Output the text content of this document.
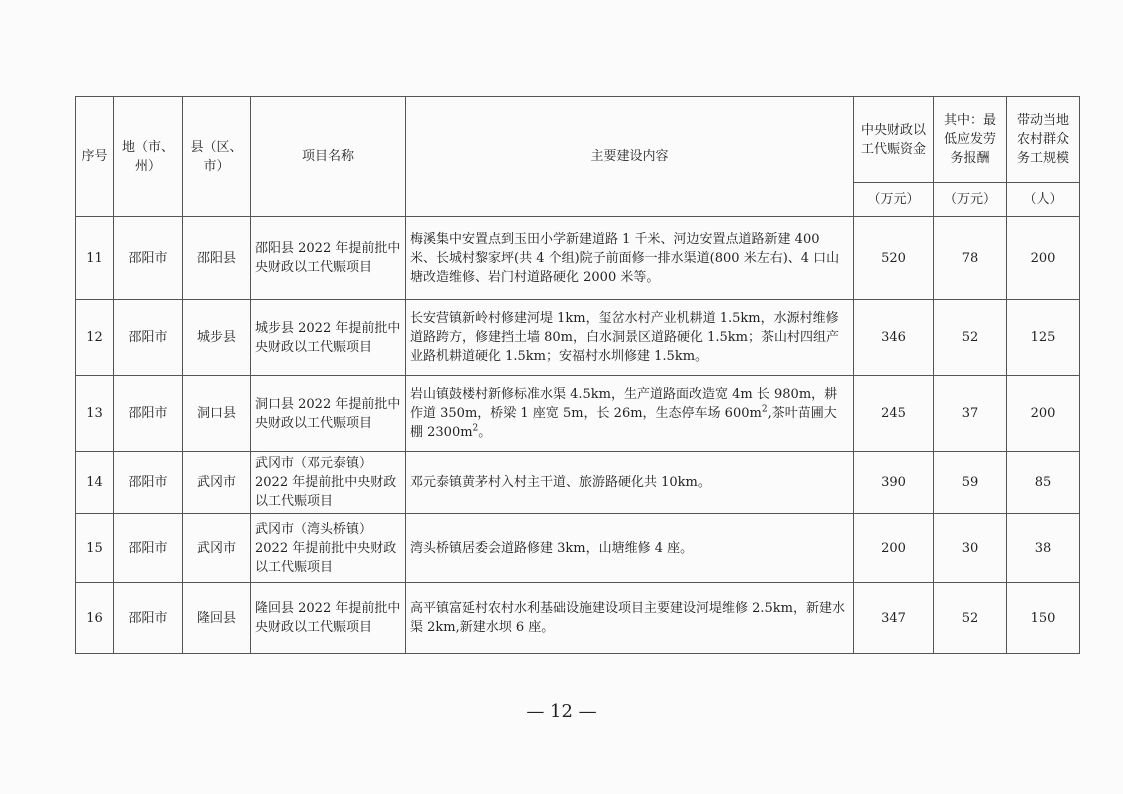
序号	地（市、州）	县（区、市）	项目名称	主要建设内容	中央财政以工代赈资金	其中：最低应发劳务报酬	带动当地农村群众务工规模
					（万元）	（万元）	（人）
11	邵阳市	邵阳县	邵阳县 2022 年提前批中央财政以工代赈项目	梅溪集中安置点到玉田小学新建道路 1 千米、河边安置点道路新建 400 米、长城村黎家坪(共 4 个组)院子前面修一排水渠道(800 米左右)、4 口山塘改造维修、岩门村道路硬化 2000 米等。	520	78	200
12	邵阳市	城步县	城步县 2022 年提前批中央财政以工代赈项目	长安营镇新岭村修建河堤 1km，玺岔水村产业机耕道 1.5km，水源村维修道路跨方，修建挡土墙 80m，白水洞景区道路硬化 1.5km；茶山村四组产业路机耕道硬化 1.5km；安福村水圳修建 1.5km。	346	52	125
13	邵阳市	洞口县	洞口县 2022 年提前批中央财政以工代赈项目	岩山镇鼓楼村新修标准水渠 4.5km，生产道路面改造宽 4m 长 980m，耕作道 350m，桥梁 1 座宽 5m，长 26m，生态停车场 $600m^2$,茶叶苗圃大棚 $2300m^2$。	245	37	200
14	邵阳市	武冈市	武冈市（邓元泰镇）2022 年提前批中央财政以工代赈项目	邓元泰镇黄茅村入村主干道、旅游路硬化共 10km。	390	59	85
15	邵阳市	武冈市	武冈市（湾头桥镇）2022 年提前批中央财政以工代赈项目	湾头桥镇居委会道路修建 3km，山塘维修 4 座。	200	30	38
16	邵阳市	隆回县	隆回县 2022 年提前批中央财政以工代赈项目	高平镇富延村农村水利基础设施建设项目主要建设河堤维修 2.5km，新建水渠 2km,新建水坝 6 座。	347	52	150
— 12 —
